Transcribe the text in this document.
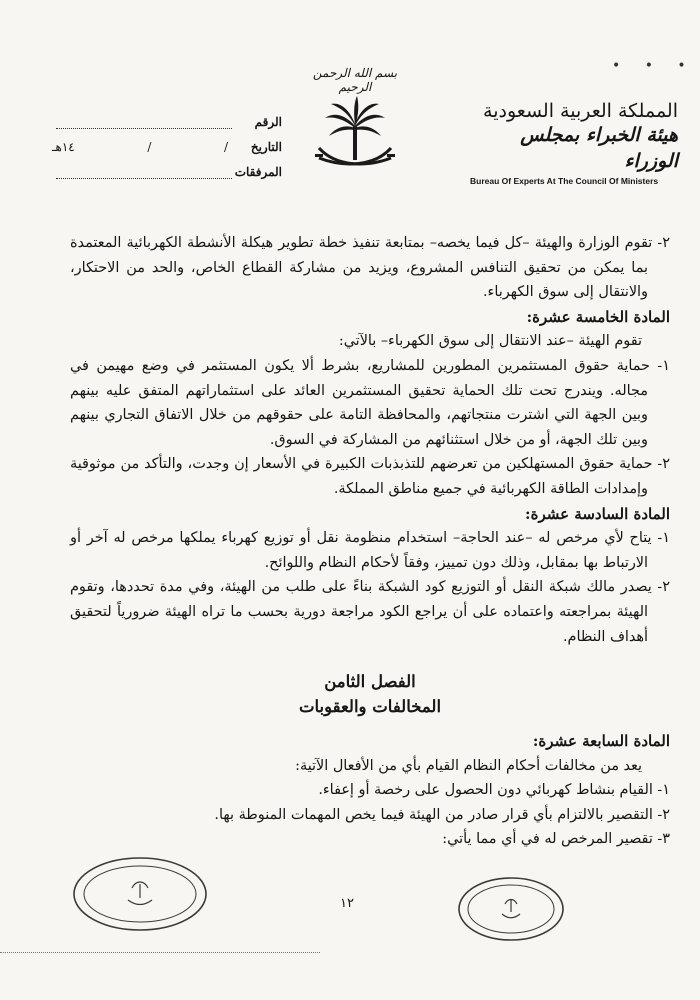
المملكة العربية السعودية
هيئة الخبراء بمجلس الوزراء
Bureau Of Experts At The Council Of Ministers
بسم الله الرحمن الرحيم
الرقم
التاريخ
١٤هـ	/	/
المرفقات
• • •

٢- تقوم الوزارة والهيئة –كل فيما يخصه– بمتابعة تنفيذ خطة تطوير هيكلة الأنشطة الكهربائية المعتمدة بما يمكن من تحقيق التنافس المشروع، ويزيد من مشاركة القطاع الخاص، والحد من الاحتكار، والانتقال إلى سوق الكهرباء.

المادة الخامسة عشرة:

تقوم الهيئة –عند الانتقال إلى سوق الكهرباء– بالآتي:

١- حماية حقوق المستثمرين المطورين للمشاريع، بشرط ألا يكون المستثمر في وضع مهيمن في مجاله. ويندرج تحت تلك الحماية تحقيق المستثمرين العائد على استثماراتهم المتفق عليه بينهم وبين الجهة التي اشترت منتجاتهم، والمحافظة التامة على حقوقهم من خلال الاتفاق التجاري بينهم وبين تلك الجهة، أو من خلال استثنائهم من المشاركة في السوق.

٢- حماية حقوق المستهلكين من تعرضهم للتذبذبات الكبيرة في الأسعار إن وجدت، والتأكد من موثوقية وإمدادات الطاقة الكهربائية في جميع مناطق المملكة.

المادة السادسة عشرة:

١- يتاح لأي مرخص له –عند الحاجة– استخدام منظومة نقل أو توزيع كهرباء يملكها مرخص له آخر أو الارتباط بها بمقابل، وذلك دون تمييز، وفقاً لأحكام النظام واللوائح.

٢- يصدر مالك شبكة النقل أو التوزيع كود الشبكة بناءً على طلب من الهيئة، وفي مدة تحددها، وتقوم الهيئة بمراجعته واعتماده على أن يراجع الكود مراجعة دورية بحسب ما تراه الهيئة ضرورياً لتحقيق أهداف النظام.

الفصل الثامن
المخالفات والعقوبات

المادة السابعة عشرة:

يعد من مخالفات أحكام النظام القيام بأي من الأفعال الآتية:

١- القيام بنشاط كهربائي دون الحصول على رخصة أو إعفاء.

٢- التقصير بالالتزام بأي قرار صادر من الهيئة فيما يخص المهمات المنوطة بها.

٣- تقصير المرخص له في أي مما يأتي:

١٢
